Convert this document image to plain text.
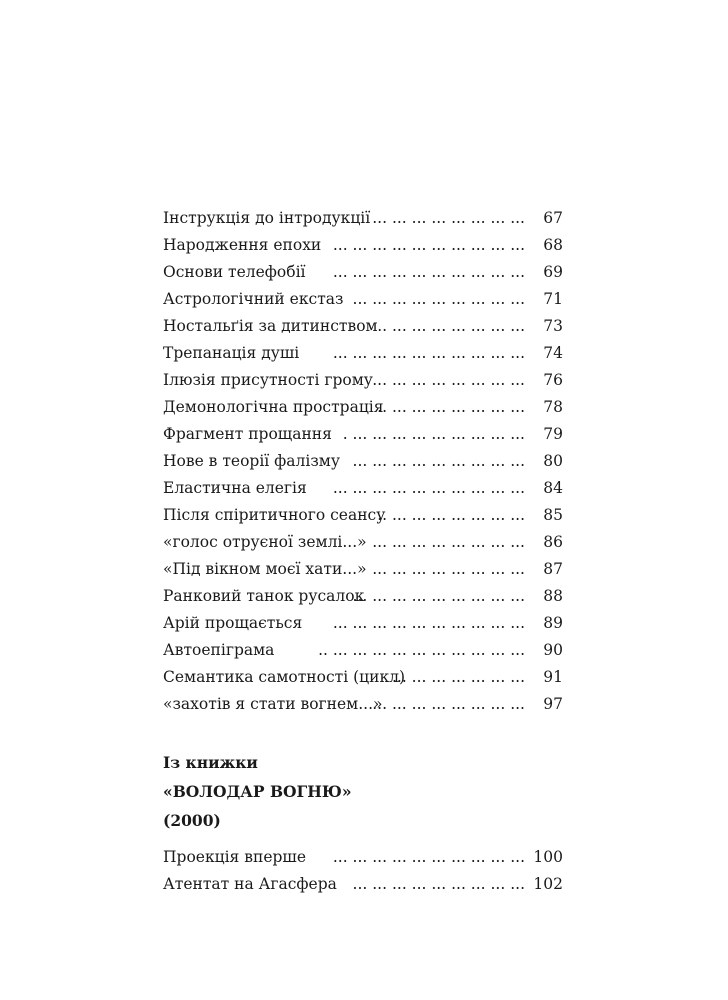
Інструкція до інтродукції ... ... ... ... ... ... ... ... 67
Народження епохи ... ... ... ... ... ... ... ... ... ... 68
Основи телефобії ... ... ... ... ... ... ... ... ... ... 69
Астрологічний екстаз ... ... ... ... ... ... ... ... ... 71
Ностальґія за дитинством .. ... ... ... ... ... ... ... 73
Трепанація душі ... ... ... ... ... ... ... ... ... ... 74
Ілюзія присутності грому ... ... ... ... ... ... ... ... 76
Демонологічна прострація
.. ... ... ... ... ... ... ... 78
Фрагмент прощання . ... ... ... ... ... ... ... ... ... 79
Нове в теорії фалізму ... ... ... ... ... ... ... ... ... 80
Еластична елегія ... ... ... ... ... ... ... ... ... ... 84
Після спіритичного сеансу
.. ... ... ... ... ... ... ... 85
«голос отруєної землі...» ... ... ... ... ... ... ... ... 86
«Під вікном моєї хати...» ... ... ... ... ... ... ... ... 87
Ранковий танок русалок
... ... ... ... ... ... ... ... ... 88
Арій прощається ... ... ... ... ... ... ... ... ... ... 89
Автоепіграма	.. ... ... ... ... ... ... ... ... ... ... 90
Семантика самотності (цикл)
... ... ... ... ... ... ... 91
«захотів я стати вогнем...»
... ... ... ... ... ... ... ... 97
Із книжки
«ВОЛОДАР ВОГНЮ»
(2000)
Проекція вперше ... ... ... ... ... ... ... ... ... ... 100
Атентат на Агасфера ... ... ... ... ... ... ... ... ... 102
